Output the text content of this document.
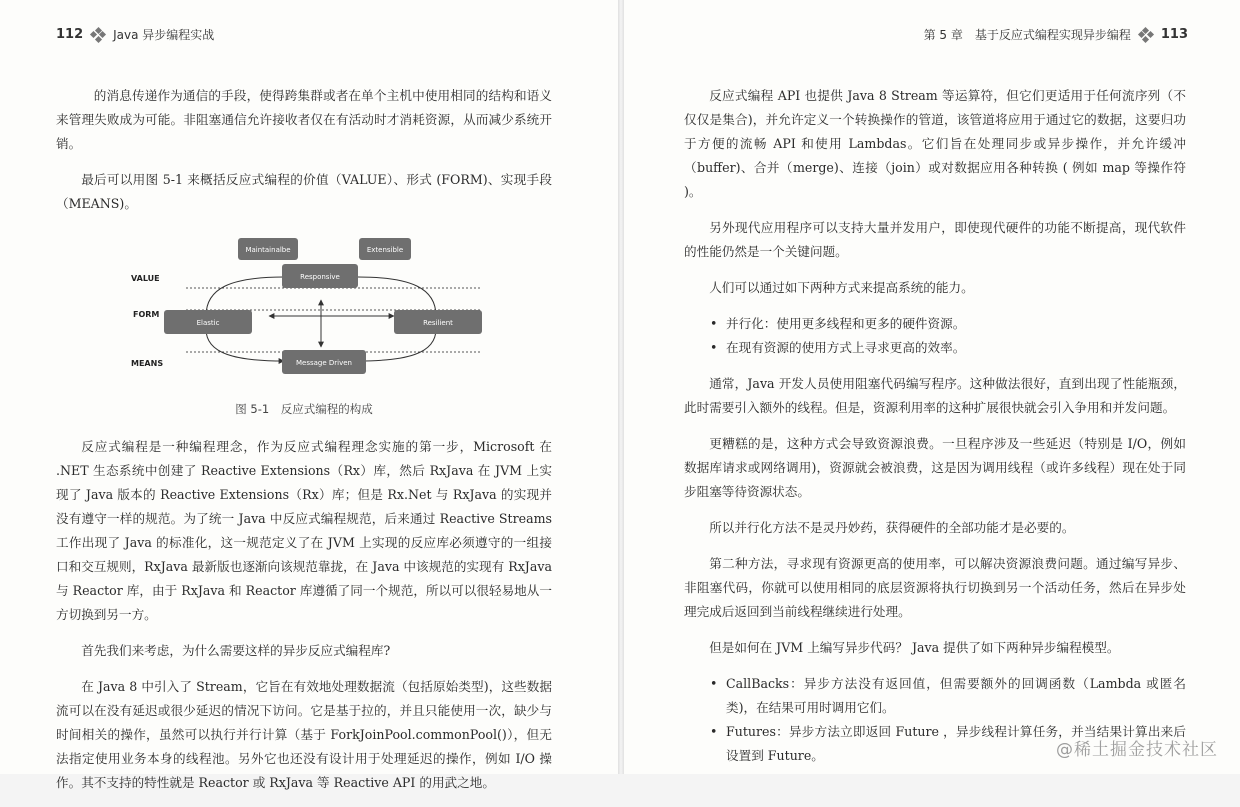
112	Java 异步编程实战

的消息传递作为通信的手段，使得跨集群或者在单个主机中使用相同的结构和语义来管理失败成为可能。非阻塞通信允许接收者仅在有活动时才消耗资源，从而减少系统开销。

最后可以用图 5-1 来概括反应式编程的价值（VALUE）、形式 (FORM)、实现手段（MEANS)。

VALUE
FORM
MEANS
Maintainalbe	Extensible
Responsive
Elastic	Resilient
Message Driven
图 5-1　反应式编程的构成

反应式编程是一种编程理念，作为反应式编程理念实施的第一步，Microsoft 在 .NET 生态系统中创建了 Reactive Extensions（Rx）库，然后 RxJava 在 JVM 上实现了 Java 版本的 Reactive Extensions（Rx）库；但是 Rx.Net 与 RxJava 的实现并没有遵守一样的规范。为了统一 Java 中反应式编程规范，后来通过 Reactive Streams 工作出现了 Java 的标准化，这一规范定义了在 JVM 上实现的反应库必须遵守的一组接口和交互规则，RxJava 最新版也逐渐向该规范靠拢，在 Java 中该规范的实现有 RxJava 与 Reactor 库，由于 RxJava 和 Reactor 库遵循了同一个规范，所以可以很轻易地从一方切换到另一方。

首先我们来考虑，为什么需要这样的异步反应式编程库?

在 Java 8 中引入了 Stream，它旨在有效地处理数据流（包括原始类型)，这些数据流可以在没有延迟或很少延迟的情况下访问。它是基于拉的，并且只能使用一次，缺少与时间相关的操作，虽然可以执行并行计算（基于 ForkJoinPool.commonPool()），但无法指定使用业务本身的线程池。另外它也还没有设计用于处理延迟的操作，例如 I/O 操作。其不支持的特性就是 Reactor 或 RxJava 等 Reactive API 的用武之地。

第 5 章　基于反应式编程实现异步编程 113

反应式编程 API 也提供 Java 8 Stream 等运算符，但它们更适用于任何流序列（不仅仅是集合)，并允许定义一个转换操作的管道，该管道将应用于通过它的数据，这要归功于方便的流畅 API 和使用 Lambdas。它们旨在处理同步或异步操作，并允许缓冲（buffer)、合并（merge)、连接（join）或对数据应用各种转换 ( 例如 map 等操作符 )。

另外现代应用程序可以支持大量并发用户，即使现代硬件的功能不断提高，现代软件的性能仍然是一个关键问题。

人们可以通过如下两种方式来提高系统的能力。

• 并行化：使用更多线程和更多的硬件资源。
• 在现有资源的使用方式上寻求更高的效率。

通常，Java 开发人员使用阻塞代码编写程序。这种做法很好，直到出现了性能瓶颈，此时需要引入额外的线程。但是，资源利用率的这种扩展很快就会引入争用和并发问题。

更糟糕的是，这种方式会导致资源浪费。一旦程序涉及一些延迟（特别是 I/O，例如数据库请求或网络调用)，资源就会被浪费，这是因为调用线程（或许多线程）现在处于同步阻塞等待资源状态。

所以并行化方法不是灵丹妙药，获得硬件的全部功能才是必要的。

第二种方法，寻求现有资源更高的使用率，可以解决资源浪费问题。通过编写异步、非阻塞代码，你就可以使用相同的底层资源将执行切换到另一个活动任务，然后在异步处理完成后返回到当前线程继续进行处理。

但是如何在 JVM 上编写异步代码？ Java 提供了如下两种异步编程模型。

• CallBacks：异步方法没有返回值，但需要额外的回调函数（Lambda 或匿名类)，在结果可用时调用它们。
• Futures：异步方法立即返回 Future ，异步线程计算任务，并当结果计算出来后设置到 Future。	@稀土掘金技术社区
